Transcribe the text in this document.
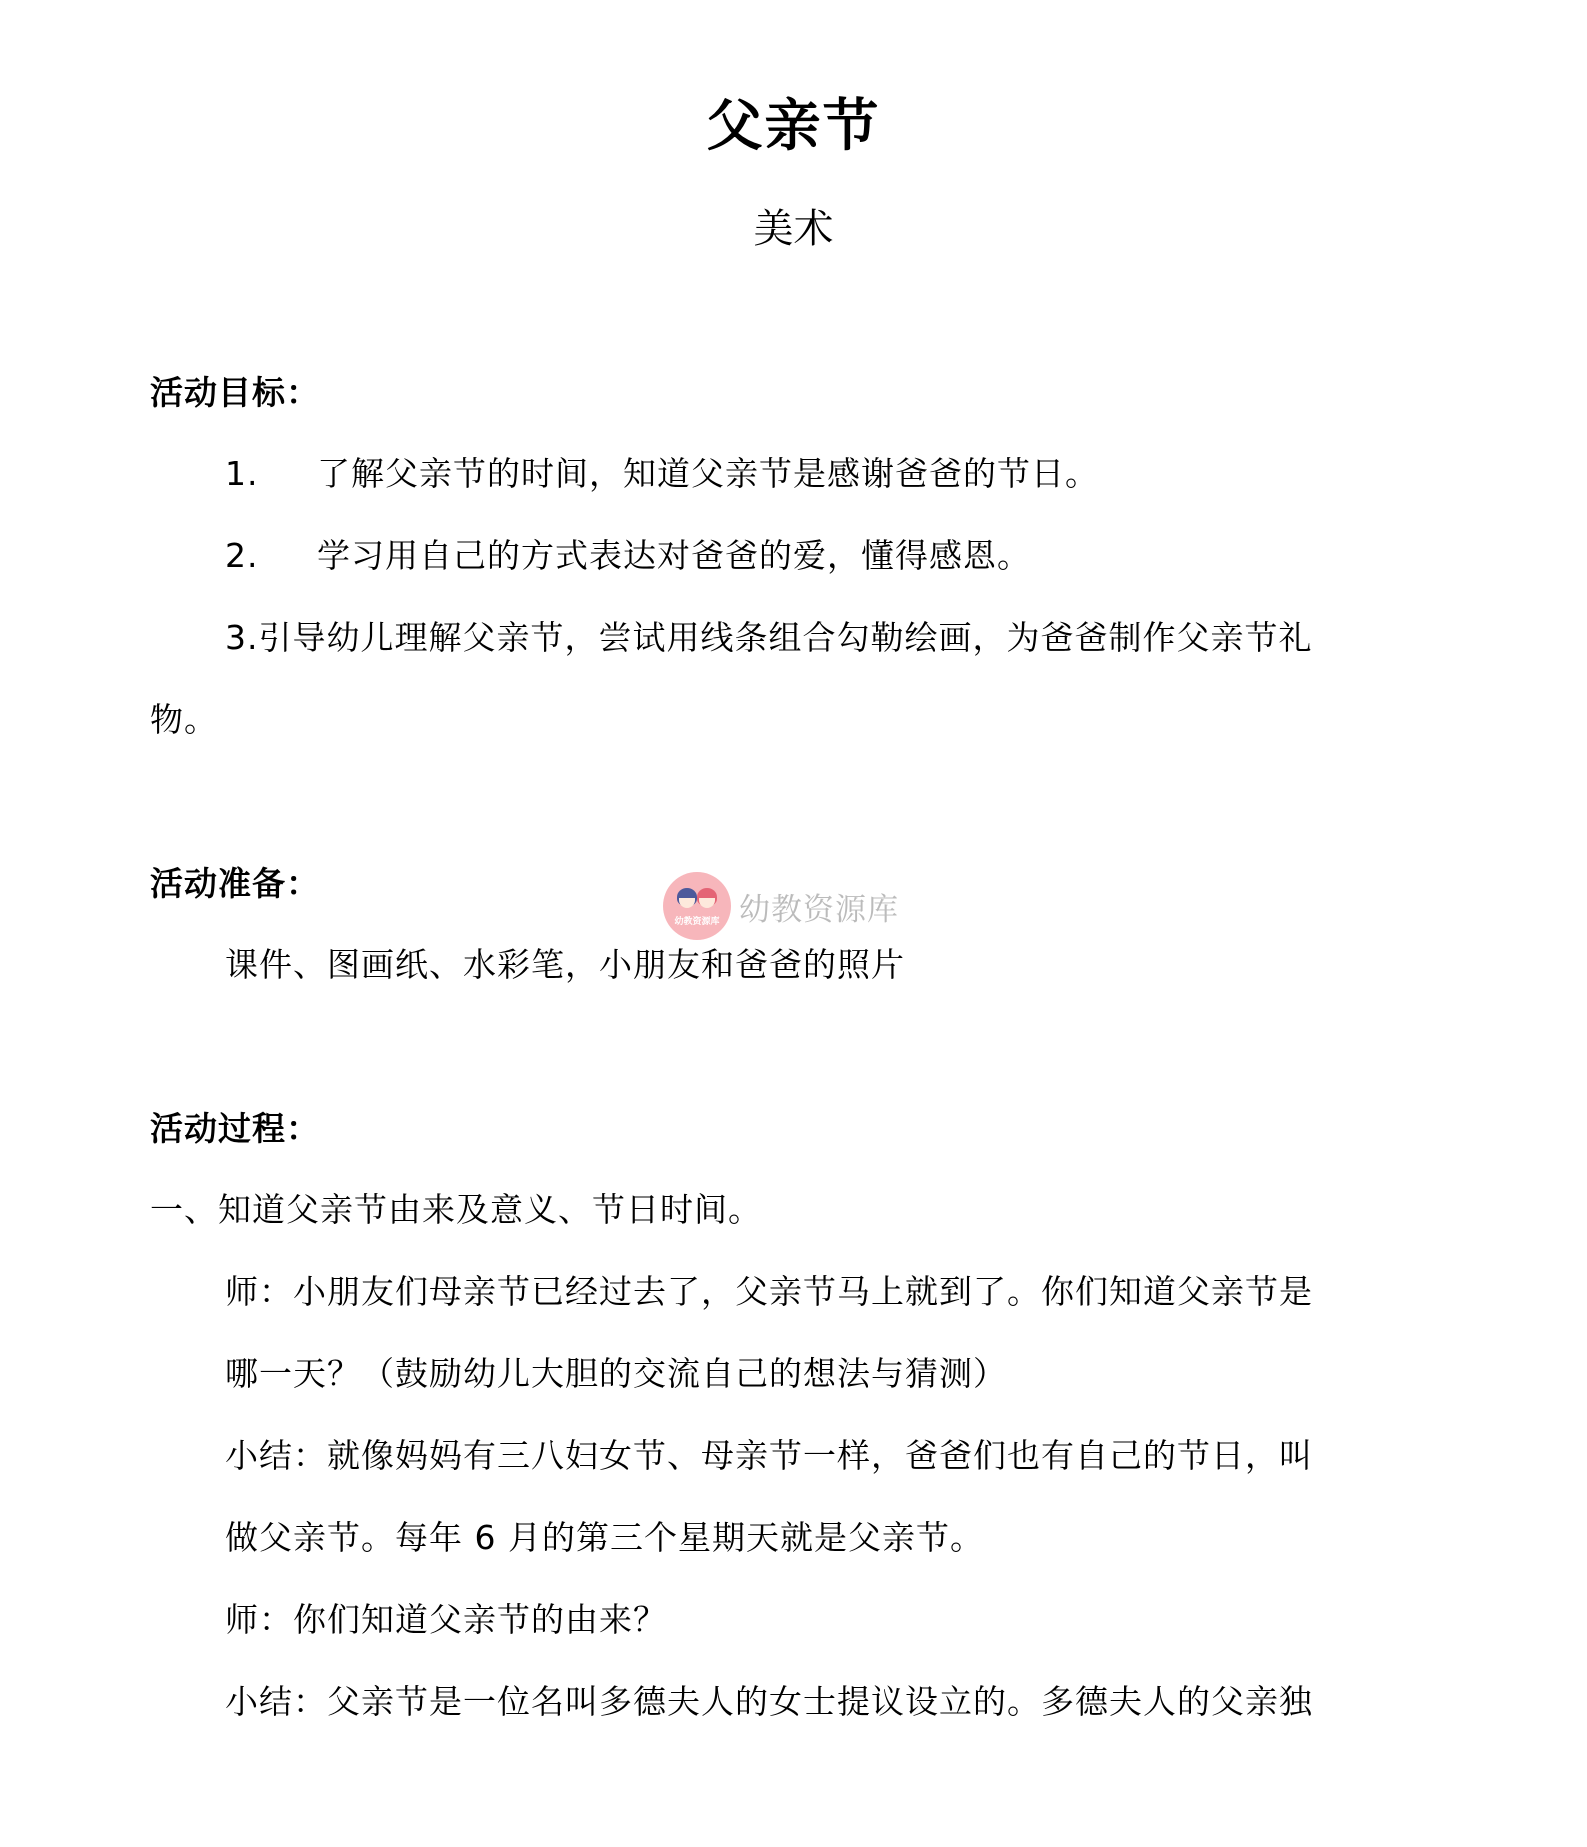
父亲节
美术
活动目标：
1. 了解父亲节的时间，知道父亲节是感谢爸爸的节日。
2. 学习用自己的方式表达对爸爸的爱，懂得感恩。
3.引导幼儿理解父亲节，尝试用线条组合勾勒绘画，为爸爸制作父亲节礼
物。
活动准备：
课件、图画纸、水彩笔，小朋友和爸爸的照片
幼教资源库 幼教资源库
活动过程：
一、知道父亲节由来及意义、节日时间。
师：小朋友们母亲节已经过去了，父亲节马上就到了。你们知道父亲节是
哪一天？（鼓励幼儿大胆的交流自己的想法与猜测）
小结：就像妈妈有三八妇女节、母亲节一样，爸爸们也有自己的节日，叫
做父亲节。每年 6 月的第三个星期天就是父亲节。
师：你们知道父亲节的由来？
小结：父亲节是一位名叫多德夫人的女士提议设立的。多德夫人的父亲独
